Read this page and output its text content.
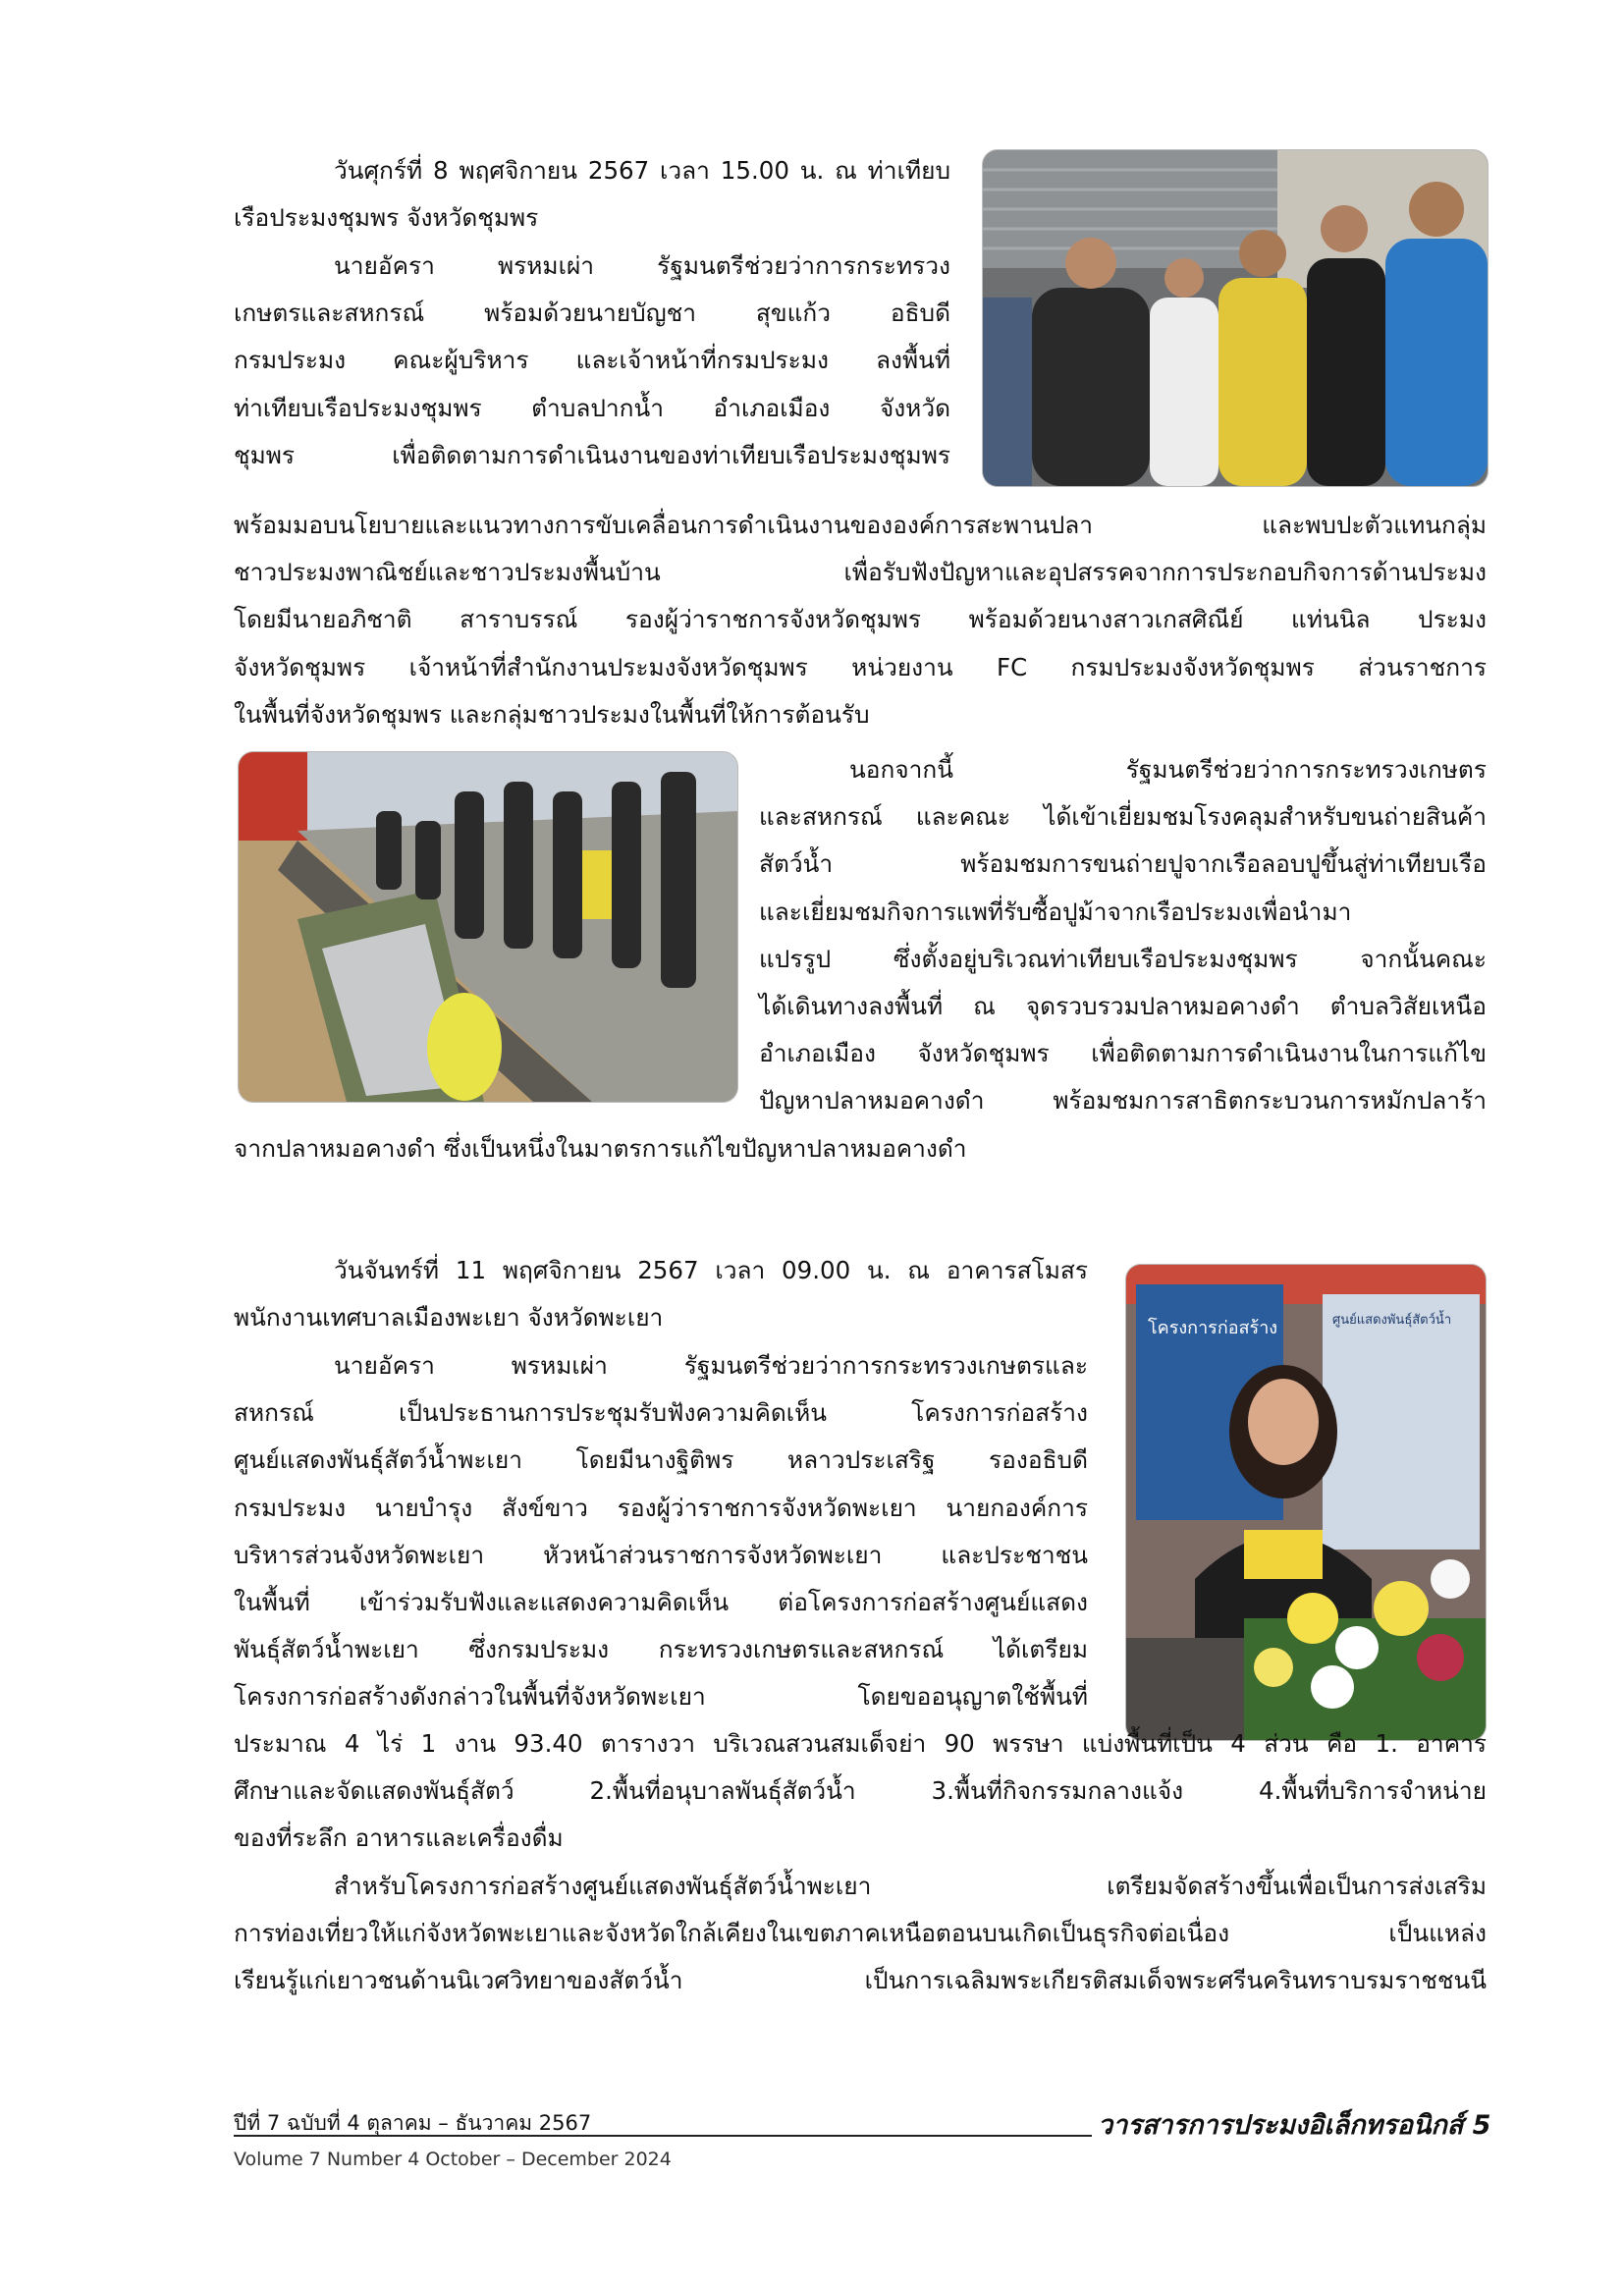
วันศุกร์ที่ 8 พฤศจิกายน 2567 เวลา 15.00 น. ณ ท่าเทียบ

เรือประมงชุมพร จังหวัดชุมพร

นายอัครา พรหมเผ่า รัฐมนตรีช่วยว่าการกระทรวง

เกษตรและสหกรณ์ พร้อมด้วยนายบัญชา สุขแก้ว อธิบดี

กรมประมง คณะผู้บริหาร และเจ้าหน้าที่กรมประมง ลงพื้นที่

ท่าเทียบเรือประมงชุมพร ตำบลปากน้ำ อำเภอเมือง จังหวัด

ชุมพร เพื่อติดตามการดำเนินงานของท่าเทียบเรือประมงชุมพร

พร้อมมอบนโยบายและแนวทางการขับเคลื่อนการดำเนินงานขององค์การสะพานปลา และพบปะตัวแทนกลุ่ม

ชาวประมงพาณิชย์และชาวประมงพื้นบ้าน เพื่อรับฟังปัญหาและอุปสรรคจากการประกอบกิจการด้านประมง

โดยมีนายอภิชาติ สาราบรรณ์ รองผู้ว่าราชการจังหวัดชุมพร พร้อมด้วยนางสาวเกสศิณีย์ แท่นนิล ประมง

จังหวัดชุมพร เจ้าหน้าที่สำนักงานประมงจังหวัดชุมพร หน่วยงาน FC กรมประมงจังหวัดชุมพร ส่วนราชการ

ในพื้นที่จังหวัดชุมพร และกลุ่มชาวประมงในพื้นที่ให้การต้อนรับ

นอกจากนี้ รัฐมนตรีช่วยว่าการกระทรวงเกษตร

และสหกรณ์ และคณะ ได้เข้าเยี่ยมชมโรงคลุมสำหรับขนถ่ายสินค้า

สัตว์น้ำ พร้อมชมการขนถ่ายปูจากเรือลอบปูขึ้นสู่ท่าเทียบเรือ

และเยี่ยมชมกิจการแพที่รับซื้อปูม้าจากเรือประมงเพื่อนำมา

แปรรูป ซึ่งตั้งอยู่บริเวณท่าเทียบเรือประมงชุมพร จากนั้นคณะ

ได้เดินทางลงพื้นที่ ณ จุดรวบรวมปลาหมอคางดำ ตำบลวิสัยเหนือ

อำเภอเมือง จังหวัดชุมพร เพื่อติดตามการดำเนินงานในการแก้ไข

ปัญหาปลาหมอคางดำ พร้อมชมการสาธิตกระบวนการหมักปลาร้า

จากปลาหมอคางดำ ซึ่งเป็นหนึ่งในมาตรการแก้ไขปัญหาปลาหมอคางดำ

วันจันทร์ที่ 11 พฤศจิกายน 2567 เวลา 09.00 น. ณ อาคารสโมสร

พนักงานเทศบาลเมืองพะเยา จังหวัดพะเยา

นายอัครา พรหมเผ่า รัฐมนตรีช่วยว่าการกระทรวงเกษตรและ

สหกรณ์ เป็นประธานการประชุมรับฟังความคิดเห็น โครงการก่อสร้าง

ศูนย์แสดงพันธุ์สัตว์น้ำพะเยา โดยมีนางฐิติพร หลาวประเสริฐ รองอธิบดี

กรมประมง นายบำรุง สังข์ขาว รองผู้ว่าราชการจังหวัดพะเยา นายกองค์การ

บริหารส่วนจังหวัดพะเยา หัวหน้าส่วนราชการจังหวัดพะเยา และประชาชน

ในพื้นที่ เข้าร่วมรับฟังและแสดงความคิดเห็น ต่อโครงการก่อสร้างศูนย์แสดง

พันธุ์สัตว์น้ำพะเยา ซึ่งกรมประมง กระทรวงเกษตรและสหกรณ์ ได้เตรียม

โครงการก่อสร้างดังกล่าวในพื้นที่จังหวัดพะเยา โดยขออนุญาตใช้พื้นที่

โครงการก่อสร้าง	ศูนย์แสดงพันธุ์สัตว์น้ำ

ประมาณ 4 ไร่ 1 งาน 93.40 ตารางวา บริเวณสวนสมเด็จย่า 90 พรรษา แบ่งพื้นที่เป็น 4 ส่วน คือ 1. อาคาร

ศึกษาและจัดแสดงพันธุ์สัตว์ 2.พื้นที่อนุบาลพันธุ์สัตว์น้ำ 3.พื้นที่กิจกรรมกลางแจ้ง 4.พื้นที่บริการจำหน่าย

ของที่ระลึก อาหารและเครื่องดื่ม

สำหรับโครงการก่อสร้างศูนย์แสดงพันธุ์สัตว์น้ำพะเยา เตรียมจัดสร้างขึ้นเพื่อเป็นการส่งเสริม

การท่องเที่ยวให้แก่จังหวัดพะเยาและจังหวัดใกล้เคียงในเขตภาคเหนือตอนบนเกิดเป็นธุรกิจต่อเนื่อง เป็นแหล่ง

เรียนรู้แก่เยาวชนด้านนิเวศวิทยาของสัตว์น้ำ เป็นการเฉลิมพระเกียรติสมเด็จพระศรีนครินทราบรมราชชนนี

ปีที่ 7 ฉบับที่ 4 ตุลาคม – ธันวาคม 2567	วารสารการประมงอิเล็กทรอนิกส์ 5
Volume 7 Number 4 October – December 2024
